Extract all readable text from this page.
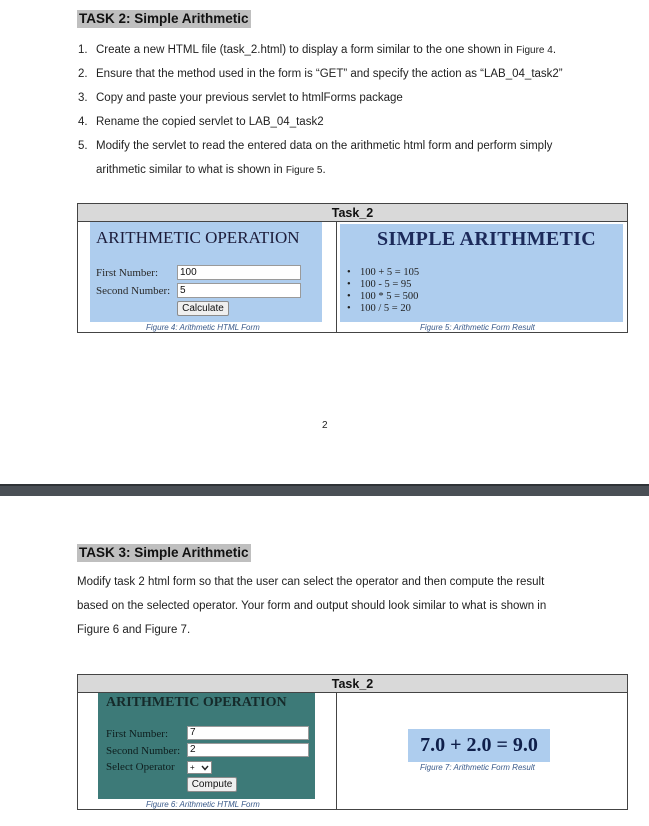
TASK 2: Simple Arithmetic
1. Create a new HTML file (task_2.html) to display a form similar to the one shown in Figure 4.
2. Ensure that the method used in the form is “GET” and specify the action as “LAB_04_task2”
3. Copy and paste your previous servlet to htmlForms package
4. Rename the copied servlet to LAB_04_task2
5. Modify the servlet to read the entered data on the arithmetic html form and perform simply
arithmetic similar to what is shown in Figure 5.
Task_2
ARITHMETIC OPERATION
First Number:	100
Second Number: 5
Calculate
Figure 4: Arithmetic HTML Form
SIMPLE ARITHMETIC
• 100 + 5 = 105
• 100 - 5 = 95
• 100 * 5 = 500
• 100 / 5 = 20
Figure 5: Arithmetic Form Result
2
TASK 3: Simple Arithmetic
Modify task 2 html form so that the user can select the operator and then compute the result
based on the selected operator. Your form and output should look similar to what is shown in
Figure 6 and Figure 7.
Task_2
ARITHMETIC OPERATION
First Number:	7
Second Number: 2
Select Operator	+
Compute
Figure 6: Arithmetic HTML Form
7.0 + 2.0 = 9.0
Figure 7: Arithmetic Form Result
